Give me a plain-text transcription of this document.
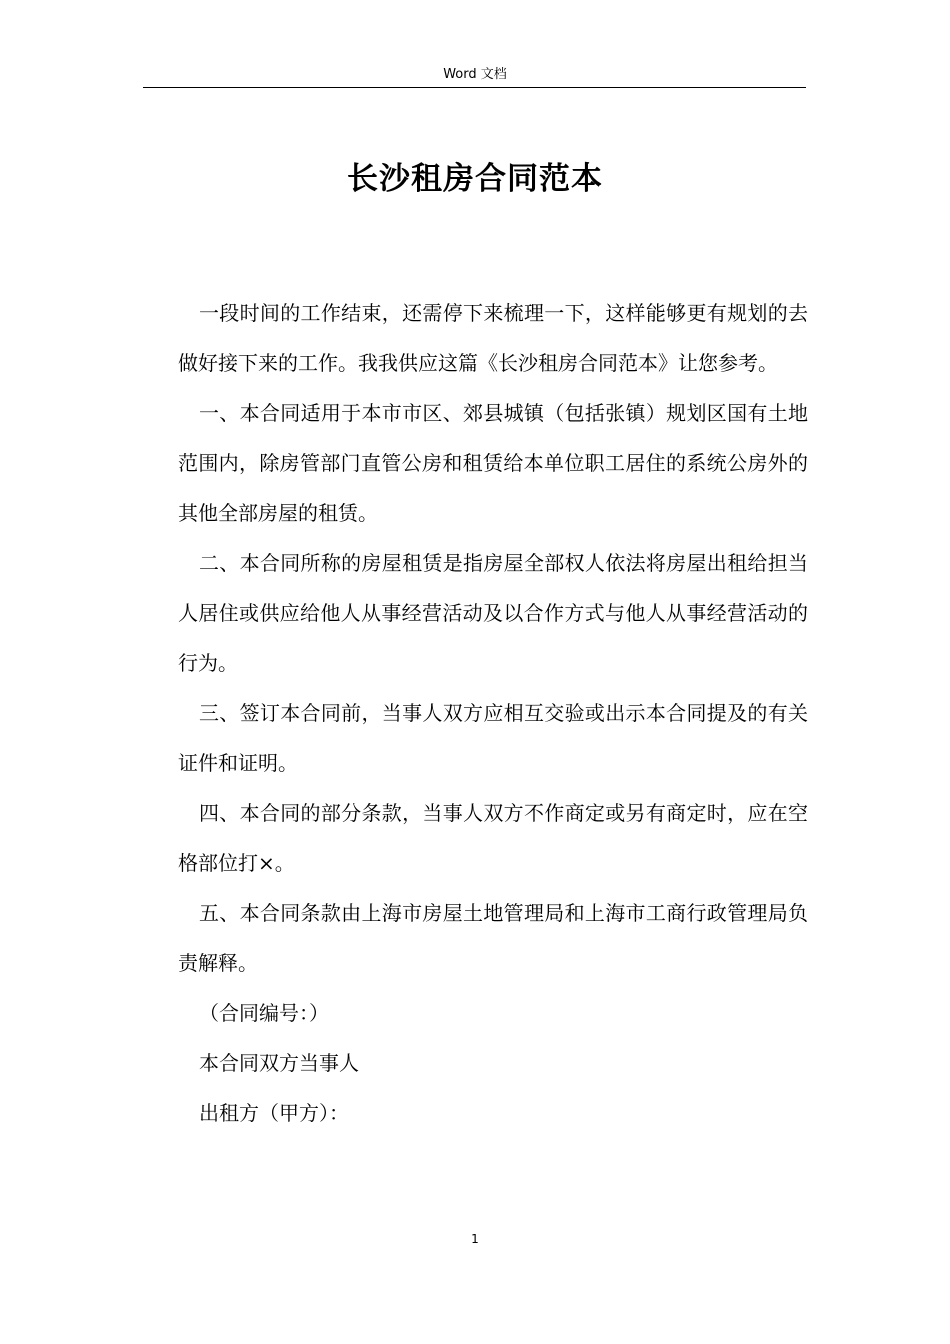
Word 文档
长沙租房合同范本

一段时间的工作结束，还需停下来梳理一下，这样能够更有规划的去做好接下来的工作。我我供应这篇《长沙租房合同范本》让您参考。

一、本合同适用于本市市区、郊县城镇（包括张镇）规划区国有土地范围内，除房管部门直管公房和租赁给本单位职工居住的系统公房外的其他全部房屋的租赁。

二、本合同所称的房屋租赁是指房屋全部权人依法将房屋出租给担当人居住或供应给他人从事经营活动及以合作方式与他人从事经营活动的行为。

三、签订本合同前，当事人双方应相互交验或出示本合同提及的有关证件和证明。

四、本合同的部分条款，当事人双方不作商定或另有商定时，应在空格部位打×。

五、本合同条款由上海市房屋土地管理局和上海市工商行政管理局负责解释。

（合同编号：）

本合同双方当事人

出租方（甲方）：

1
